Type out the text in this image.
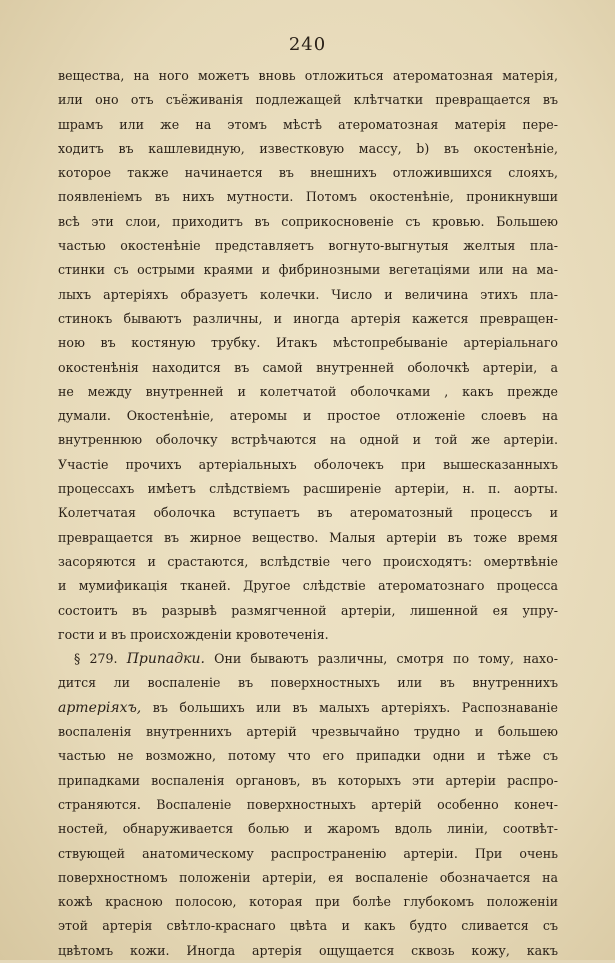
240
вещества, на ного можетъ вновь отложиться атероматозная матерія,
или оно отъ съёживанія подлежащей клѣтчатки превращается въ
шрамъ или же на этомъ мѣстѣ атероматозная матерія пере-
ходитъ въ кашлевидную, известковую массу, b) въ окостенѣніе,
которое также начинается въ внешнихъ отложившихся слояхъ,
появленіемъ въ нихъ мутности. Потомъ окостенѣніе, проникнувши
всѣ эти слои, приходитъ въ соприкосновеніе съ кровью. Большею
частью окостенѣніе представляетъ вогнуто-выгнутыя желтыя пла-
стинки съ острыми краями и фибринозными вегетаціями или на ма-
лыхъ артеріяхъ образуетъ колечки. Число и величина этихъ пла-
стинокъ бываютъ различны, и иногда артерія кажется превращен-
ною въ костяную трубку. Итакъ мѣстопребываніе артеріальнаго
окостенѣнія находится въ самой внутренней оболочкѣ артеріи, а
не между внутренней и колетчатой оболочками , какъ прежде
думали. Окостенѣніе, атеромы и простое отложеніе слоевъ на
внутреннюю оболочку встрѣчаются на одной и той же артеріи.
Участіе прочихъ артеріальныхъ оболочекъ при вышесказанныхъ
процессахъ имѣетъ слѣдствіемъ расширеніе артеріи, н. п. аорты.
Колетчатая оболочка вступаетъ въ атероматозный процессъ и
превращается въ жирное вещество. Малыя артеріи въ тоже время
засоряются и срастаются, вслѣдствіе чего происходятъ: омертвѣніе
и мумификація тканей. Другое слѣдствіе атероматознаго процесса
состоитъ въ разрывѣ размягченной артеріи, лишенной ея упру-
гости и въ происхожденіи кровотеченія.
§ 279. Припадки. Они бываютъ различны, смотря по тому, нахо-
дится ли воспаленіе въ поверхностныхъ или въ внутреннихъ
артеріяхъ, въ большихъ или въ малыхъ артеріяхъ. Распознаваніе
воспаленія внутреннихъ артерій чрезвычайно трудно и большею
частью не возможно, потому что его припадки одни и тѣже съ
припадками воспаленія органовъ, въ которыхъ эти артеріи распро-
страняются. Воспаленіе поверхностныхъ артерій особенно конеч-
ностей, обнаруживается болью и жаромъ вдоль линіи, соотвѣт-
ствующей анатомическому распространенію артеріи. При очень
поверхностномъ положеніи артеріи, ея воспаленіе обозначается на
кожѣ красною полосою, которая при болѣе глубокомъ положеніи
этой артерія свѣтло-краснаго цвѣта и какъ будто сливается съ
цвѣтомъ кожи. Иногда артерія ощущается сквозь кожу, какъ
